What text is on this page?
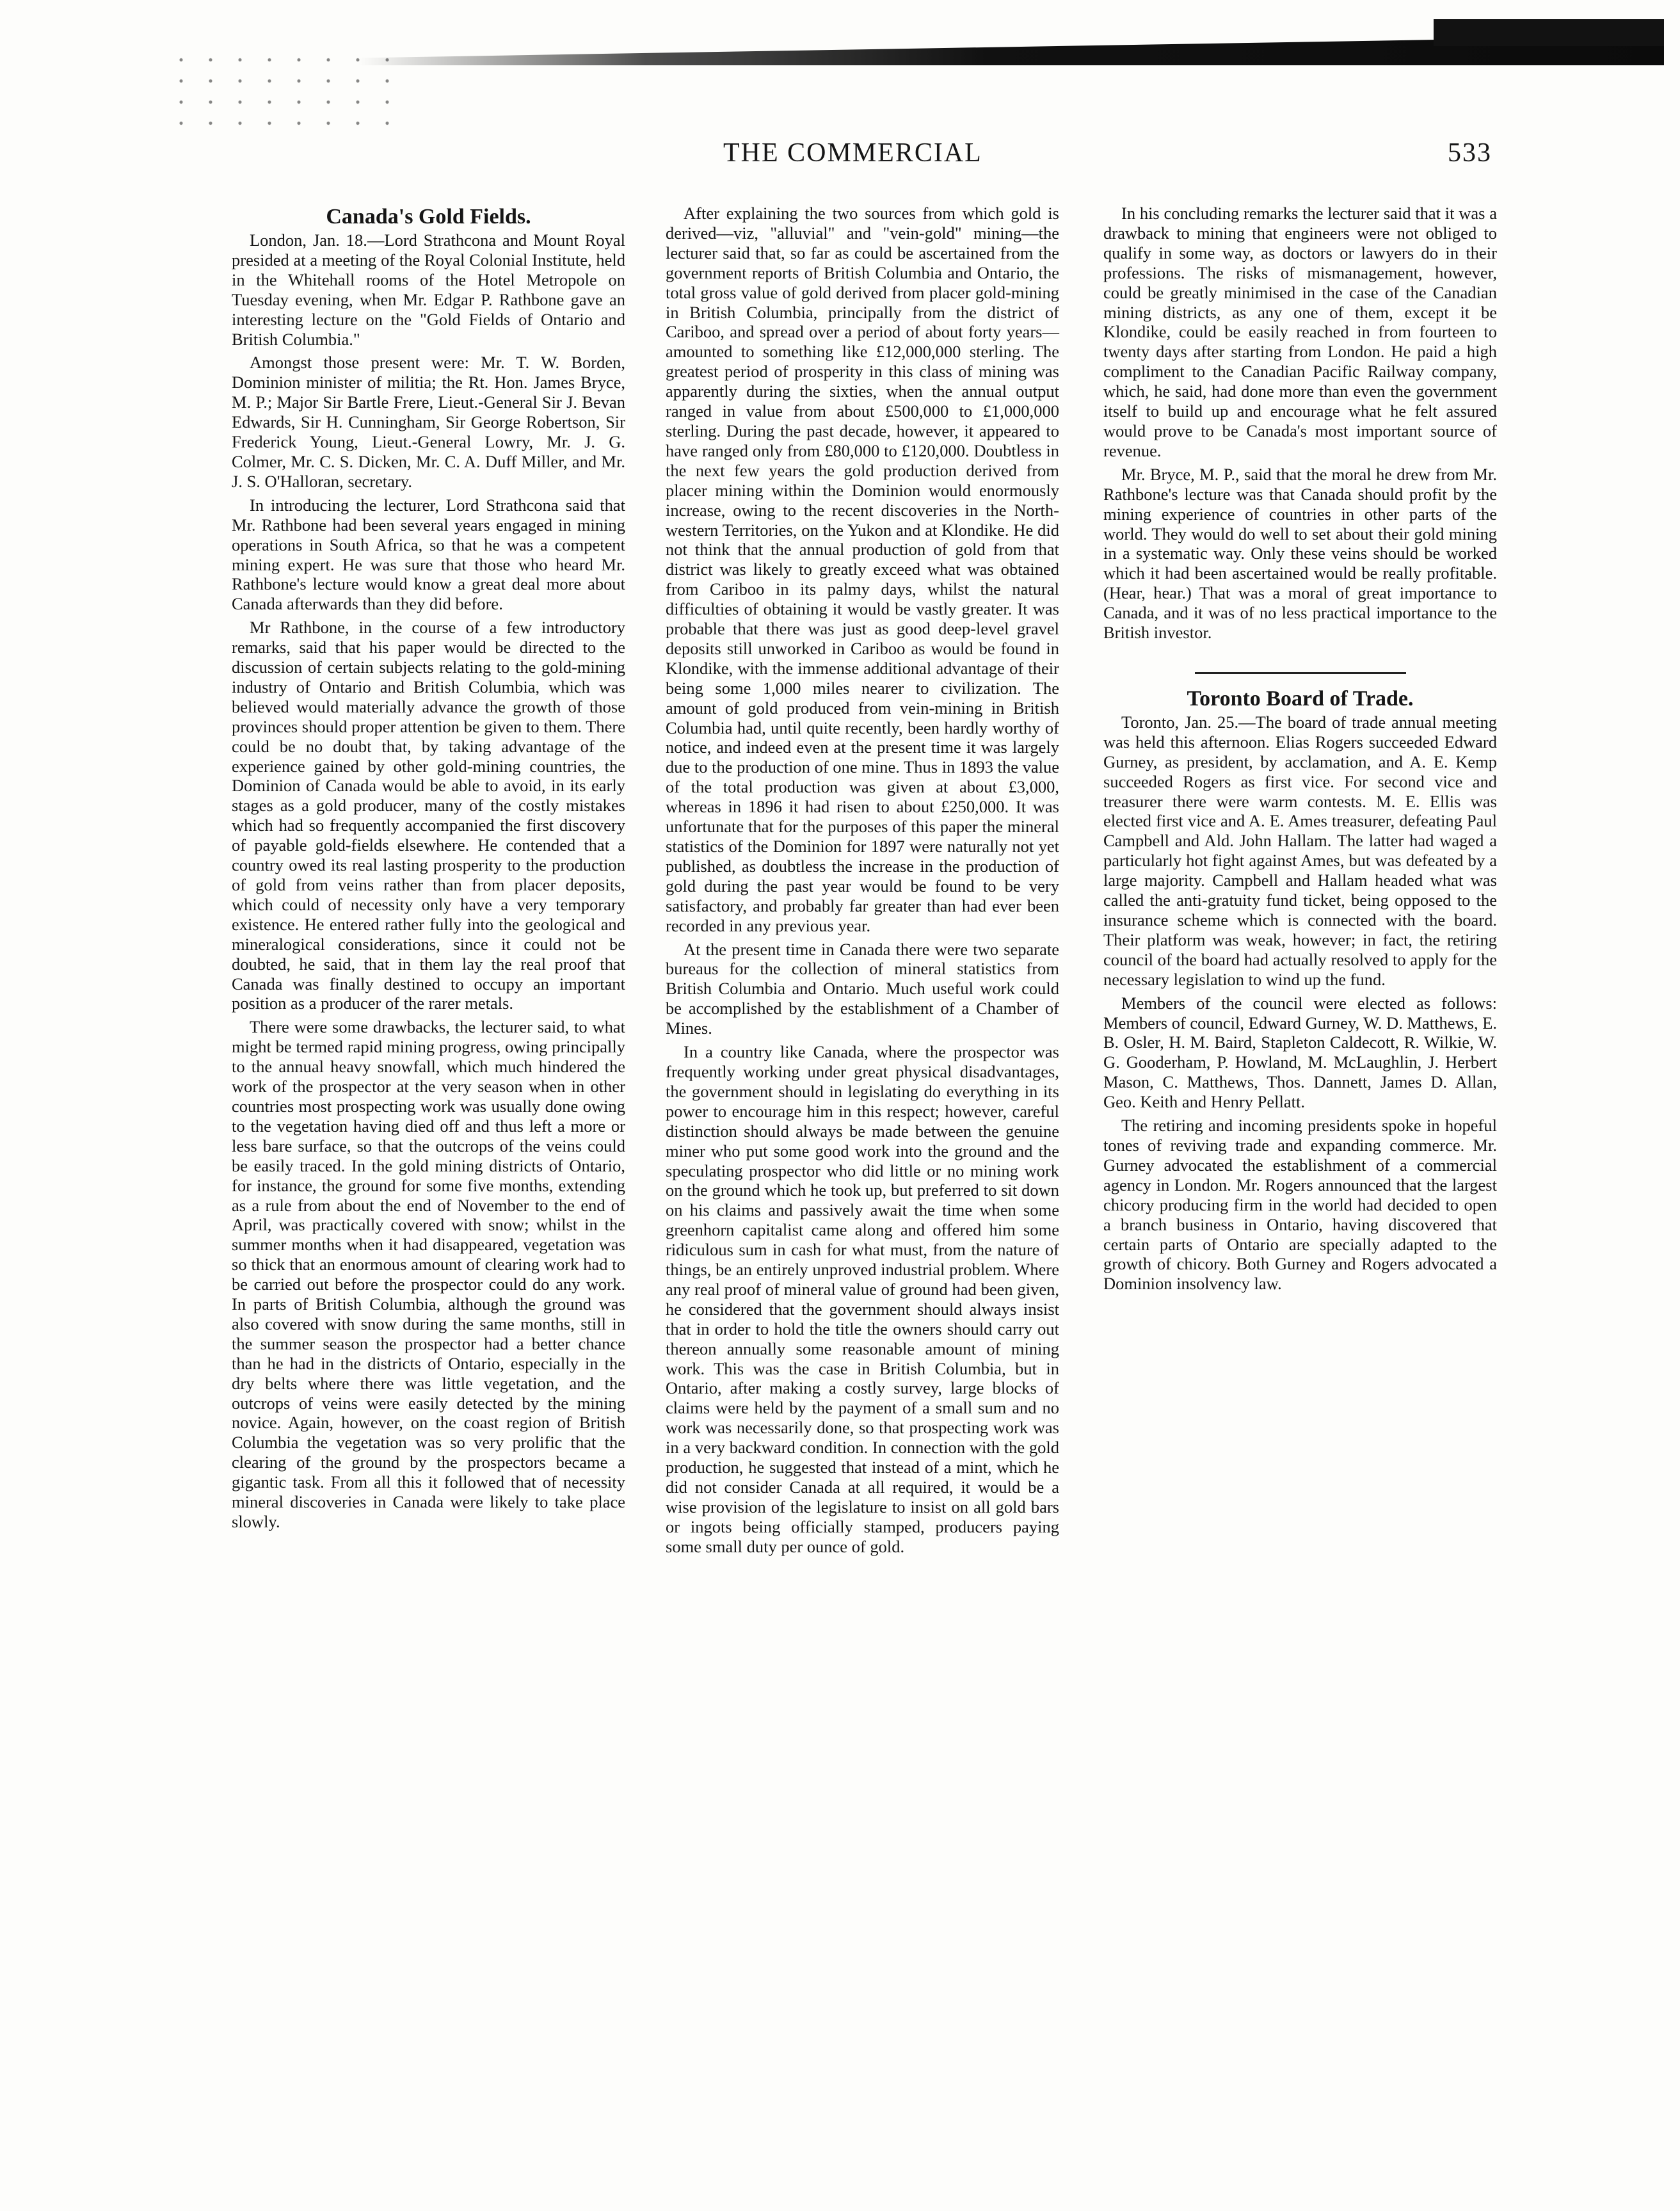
THE COMMERCIAL	533
Canada's Gold Fields.

London, Jan. 18.—Lord Strathcona and Mount Royal presided at a meeting of the Royal Colonial Institute, held in the Whitehall rooms of the Hotel Metropole on Tuesday evening, when Mr. Edgar P. Rathbone gave an interesting lecture on the "Gold Fields of Ontario and British Columbia."

Amongst those present were: Mr. T. W. Borden, Dominion minister of militia; the Rt. Hon. James Bryce, M. P.; Major Sir Bartle Frere, Lieut.-General Sir J. Bevan Edwards, Sir H. Cunningham, Sir George Robertson, Sir Frederick Young, Lieut.-General Lowry, Mr. J. G. Colmer, Mr. C. S. Dicken, Mr. C. A. Duff Miller, and Mr. J. S. O'Halloran, secretary.

In introducing the lecturer, Lord Strathcona said that Mr. Rathbone had been several years engaged in mining operations in South Africa, so that he was a competent mining expert. He was sure that those who heard Mr. Rathbone's lecture would know a great deal more about Canada afterwards than they did before.

Mr Rathbone, in the course of a few introductory remarks, said that his paper would be directed to the discussion of certain subjects relating to the gold-mining industry of Ontario and British Columbia, which was believed would materially advance the growth of those provinces should proper attention be given to them. There could be no doubt that, by taking advantage of the experience gained by other gold-mining countries, the Dominion of Canada would be able to avoid, in its early stages as a gold producer, many of the costly mistakes which had so frequently accompanied the first discovery of payable gold-fields elsewhere. He contended that a country owed its real lasting prosperity to the production of gold from veins rather than from placer deposits, which could of necessity only have a very temporary existence. He entered rather fully into the geological and mineralogical considerations, since it could not be doubted, he said, that in them lay the real proof that Canada was finally destined to occupy an important position as a producer of the rarer metals.

There were some drawbacks, the lecturer said, to what might be termed rapid mining progress, owing principally to the annual heavy snowfall, which much hindered the work of the prospector at the very season when in other countries most prospecting work was usually done owing to the vegetation having died off and thus left a more or less bare surface, so that the outcrops of the veins could be easily traced. In the gold mining districts of Ontario, for instance, the ground for some five months, extending as a rule from about the end of November to the end of April, was practically covered with snow; whilst in the summer months when it had disappeared, vegetation was so thick that an enormous amount of clearing work had to be carried out before the prospector could do any work. In parts of British Columbia, although the ground was also covered with snow during the same months, still in the summer season the prospector had a better chance than he had in the districts of Ontario, especially in the dry belts where there was little vegetation, and the outcrops of veins were easily detected by the mining novice. Again, however, on the coast region of British Columbia the vegetation was so very prolific that the clearing of the ground by the prospectors became a gigantic task. From all this it followed that of necessity mineral discoveries in Canada were likely to take place slowly.

After explaining the two sources from which gold is derived—viz, "alluvial" and "vein-gold" mining—the lecturer said that, so far as could be ascertained from the government reports of British Columbia and Ontario, the total gross value of gold derived from placer gold-mining in British Columbia, principally from the district of Cariboo, and spread over a period of about forty years—amounted to something like £12,000,000 sterling. The greatest period of prosperity in this class of mining was apparently during the sixties, when the annual output ranged in value from about £500,000 to £1,000,000 sterling. During the past decade, however, it appeared to have ranged only from £80,000 to £120,000. Doubtless in the next few years the gold production derived from placer mining within the Dominion would enormously increase, owing to the recent discoveries in the North-western Territories, on the Yukon and at Klondike. He did not think that the annual production of gold from that district was likely to greatly exceed what was obtained from Cariboo in its palmy days, whilst the natural difficulties of obtaining it would be vastly greater. It was probable that there was just as good deep-level gravel deposits still unworked in Cariboo as would be found in Klondike, with the immense additional advantage of their being some 1,000 miles nearer to civilization. The amount of gold produced from vein-mining in British Columbia had, until quite recently, been hardly worthy of notice, and indeed even at the present time it was largely due to the production of one mine. Thus in 1893 the value of the total production was given at about £3,000, whereas in 1896 it had risen to about £250,000. It was unfortunate that for the purposes of this paper the mineral statistics of the Dominion for 1897 were naturally not yet published, as doubtless the increase in the production of gold during the past year would be found to be very satisfactory, and probably far greater than had ever been recorded in any previous year.

At the present time in Canada there were two separate bureaus for the collection of mineral statistics from British Columbia and Ontario. Much useful work could be accomplished by the establishment of a Chamber of Mines.

In a country like Canada, where the prospector was frequently working under great physical disadvantages, the government should in legislating do everything in its power to encourage him in this respect; however, careful distinction should always be made between the genuine miner who put some good work into the ground and the speculating prospector who did little or no mining work on the ground which he took up, but preferred to sit down on his claims and passively await the time when some greenhorn capitalist came along and offered him some ridiculous sum in cash for what must, from the nature of things, be an entirely unproved industrial problem. Where any real proof of mineral value of ground had been given, he considered that the government should always insist that in order to hold the title the owners should carry out thereon annually some reasonable amount of mining work. This was the case in British Columbia, but in Ontario, after making a costly survey, large blocks of claims were held by the payment of a small sum and no work was necessarily done, so that prospecting work was in a very backward condition. In connection with the gold production, he suggested that instead of a mint, which he did not consider Canada at all required, it would be a wise provision of the legislature to insist on all gold bars or ingots being officially stamped, producers paying some small duty per ounce of gold.

In his concluding remarks the lecturer said that it was a drawback to mining that engineers were not obliged to qualify in some way, as doctors or lawyers do in their professions. The risks of mismanagement, however, could be greatly minimised in the case of the Canadian mining districts, as any one of them, except it be Klondike, could be easily reached in from fourteen to twenty days after starting from London. He paid a high compliment to the Canadian Pacific Railway company, which, he said, had done more than even the government itself to build up and encourage what he felt assured would prove to be Canada's most important source of revenue.

Mr. Bryce, M. P., said that the moral he drew from Mr. Rathbone's lecture was that Canada should profit by the mining experience of countries in other parts of the world. They would do well to set about their gold mining in a systematic way. Only these veins should be worked which it had been ascertained would be really profitable. (Hear, hear.) That was a moral of great importance to Canada, and it was of no less practical importance to the British investor.

Toronto Board of Trade.

Toronto, Jan. 25.—The board of trade annual meeting was held this afternoon. Elias Rogers succeeded Edward Gurney, as president, by acclamation, and A. E. Kemp succeeded Rogers as first vice. For second vice and treasurer there were warm contests. M. E. Ellis was elected first vice and A. E. Ames treasurer, defeating Paul Campbell and Ald. John Hallam. The latter had waged a particularly hot fight against Ames, but was defeated by a large majority. Campbell and Hallam headed what was called the anti-gratuity fund ticket, being opposed to the insurance scheme which is connected with the board. Their platform was weak, however; in fact, the retiring council of the board had actually resolved to apply for the necessary legislation to wind up the fund.

Members of the council were elected as follows: Members of council, Edward Gurney, W. D. Matthews, E. B. Osler, H. M. Baird, Stapleton Caldecott, R. Wilkie, W. G. Gooderham, P. Howland, M. McLaughlin, J. Herbert Mason, C. Matthews, Thos. Dannett, James D. Allan, Geo. Keith and Henry Pellatt.

The retiring and incoming presidents spoke in hopeful tones of reviving trade and expanding commerce. Mr. Gurney advocated the establishment of a commercial agency in London. Mr. Rogers announced that the largest chicory producing firm in the world had decided to open a branch business in Ontario, having discovered that certain parts of Ontario are specially adapted to the growth of chicory. Both Gurney and Rogers advocated a Dominion insolvency law.
